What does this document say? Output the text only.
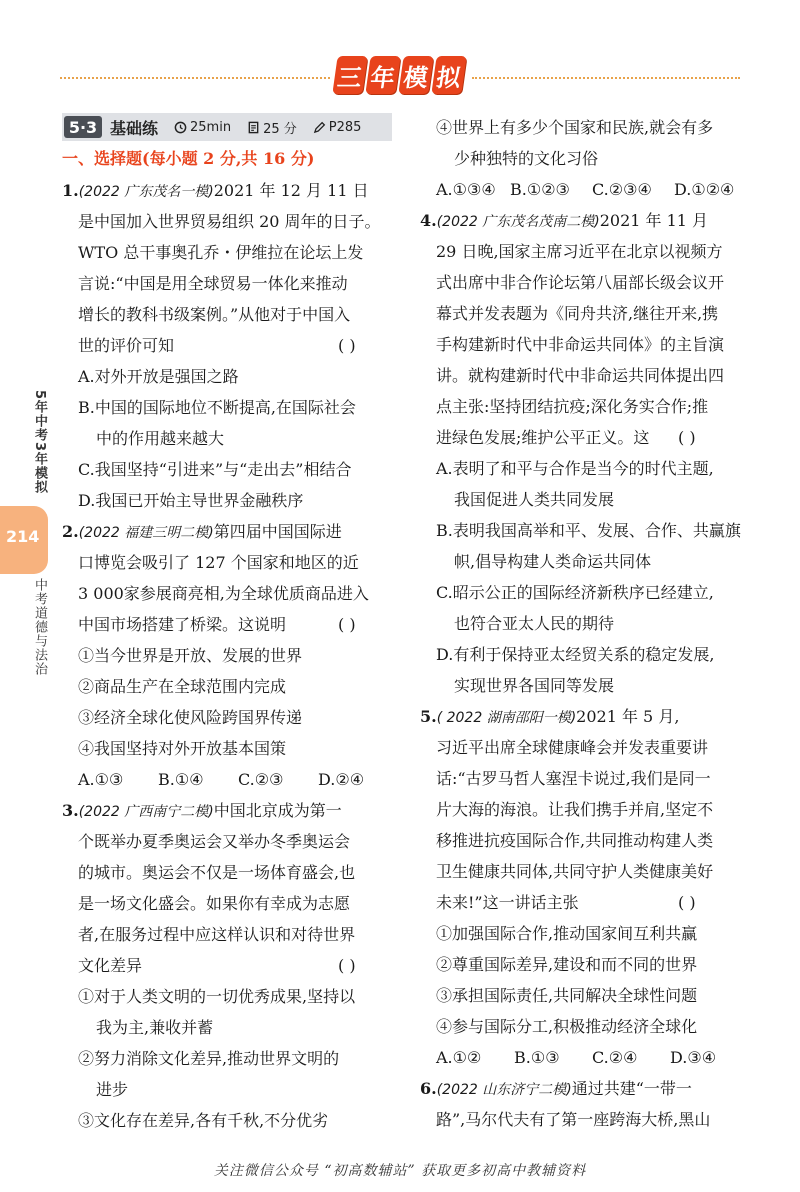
三 年 模 拟
5·3 基础练 25min 25 分 P285
一、选择题(每小题 2 分,共 16 分)
1.(2022 广东茂名一模)2021 年 12 月 11 日
是中国加入世界贸易组织 20 周年的日子。
WTO 总干事奥孔乔・伊维拉在论坛上发
言说:“中国是用全球贸易一体化来推动
增长的教科书级案例。”从他对于中国入
世的评价可知	( )
A.对外开放是强国之路
B.中国的国际地位不断提高,在国际社会
中的作用越来越大
C.我国坚持“引进来”与“走出去”相结合
D.我国已开始主导世界金融秩序
2.(2022 福建三明二模)第四届中国国际进
口博览会吸引了 127 个国家和地区的近
3 000家参展商亮相,为全球优质商品进入
中国市场搭建了桥梁。这说明	( )
①当今世界是开放、发展的世界
②商品生产在全球范围内完成
③经济全球化使风险跨国界传递
④我国坚持对外开放基本国策
A.①③ B.①④ C.②③ D.②④
3.(2022 广西南宁二模)中国北京成为第一
个既举办夏季奥运会又举办冬季奥运会
的城市。奥运会不仅是一场体育盛会,也
是一场文化盛会。如果你有幸成为志愿
者,在服务过程中应这样认识和对待世界
文化差异	( )
①对于人类文明的一切优秀成果,坚持以
我为主,兼收并蓄
②努力消除文化差异,推动世界文明的
进步
③文化存在差异,各有千秋,不分优劣
④世界上有多少个国家和民族,就会有多
少种独特的文化习俗
A.①③④ B.①②③ C.②③④ D.①②④
4.(2022 广东茂名茂南二模)2021 年 11 月
29 日晚,国家主席习近平在北京以视频方
式出席中非合作论坛第八届部长级会议开
幕式并发表题为《同舟共济,继往开来,携
手构建新时代中非命运共同体》的主旨演
讲。就构建新时代中非命运共同体提出四
点主张:坚持团结抗疫;深化务实合作;推
进绿色发展;维护公平正义。这 ( )
A.表明了和平与合作是当今的时代主题,
我国促进人类共同发展
B.表明我国高举和平、发展、合作、共赢旗
帜,倡导构建人类命运共同体
C.昭示公正的国际经济新秩序已经建立,
也符合亚太人民的期待
D.有利于保持亚太经贸关系的稳定发展,
实现世界各国同等发展
5.( 2022 湖南邵阳一模)2021 年 5 月,
习近平出席全球健康峰会并发表重要讲
话:“古罗马哲人塞涅卡说过,我们是同一
片大海的海浪。让我们携手并肩,坚定不
移推进抗疫国际合作,共同推动构建人类
卫生健康共同体,共同守护人类健康美好
未来!”这一讲话主张	( )
①加强国际合作,推动国家间互利共赢
②尊重国际差异,建设和而不同的世界
③承担国际责任,共同解决全球性问题
④参与国际分工,积极推动经济全球化
A.①② B.①③ C.②④ D.③④
6.(2022 山东济宁二模)通过共建“一带一
路”,马尔代夫有了第一座跨海大桥,黑山
5年中考3年模拟
214
中考道德与法治
关注微信公众号 “初高数辅站” 获取更多初高中教辅资料
